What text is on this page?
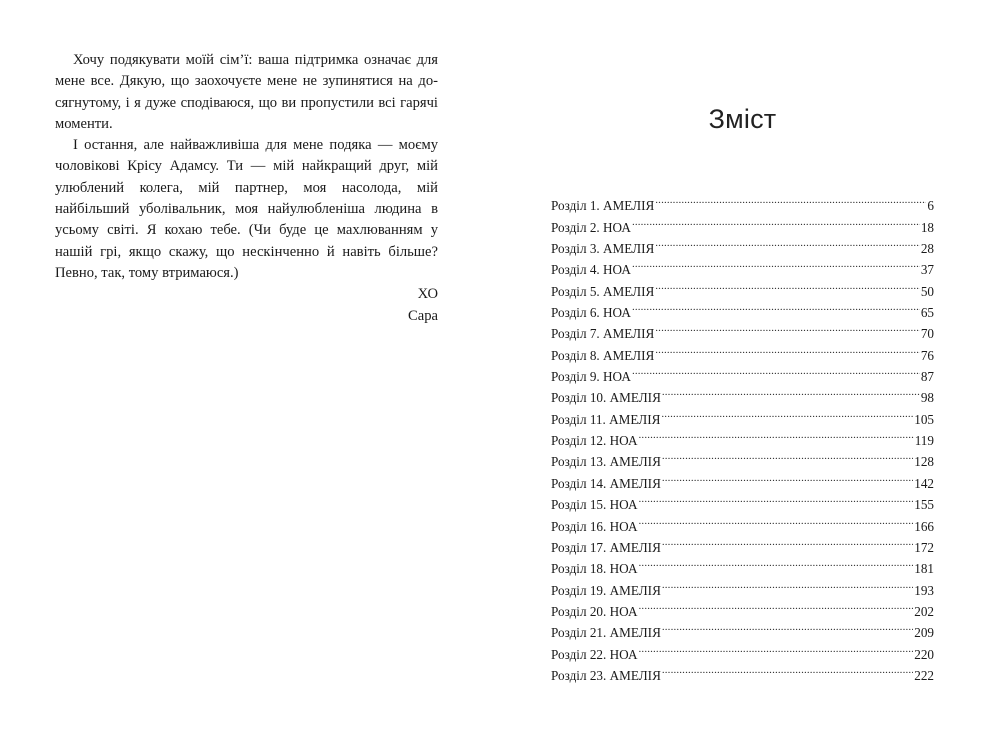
Хочу подякувати моїй сім’ї: ваша підтримка означає для мене все. Дякую, що заохочуєте мене не зупинятися на досягнутому, і я дуже сподіваюся, що ви пропустили всі гарячі моменти.

І остання, але найважливіша для мене подяка — моєму чоловікові Крісу Адамсу. Ти — мій найкращий друг, мій улюблений колега, мій партнер, моя насолода, мій найбільший уболівальник, моя найулюбленіша людина в усьому світі. Я кохаю тебе. (Чи буде це махлюванням у нашій грі, якщо скажу, що нескінченно й навіть більше? Певно, так, тому втримаюся.)

ХО

Сара

Зміст
Розділ 1. АМЕЛІЯ .....	6
Розділ 2. НОА .....	18
Розділ 3. АМЕЛІЯ .....	28
Розділ 4. НОА .....	37
Розділ 5. АМЕЛІЯ .....	50
Розділ 6. НОА .....	65
Розділ 7. АМЕЛІЯ .....	70
Розділ 8. АМЕЛІЯ .....	76
Розділ 9. НОА .....	87
Розділ 10. АМЕЛІЯ .....	98
Розділ 11. АМЕЛІЯ .....	105
Розділ 12. НОА .....	119
Розділ 13. АМЕЛІЯ .....	128
Розділ 14. АМЕЛІЯ .....	142
Розділ 15. НОА .....	155
Розділ 16. НОА .....	166
Розділ 17. АМЕЛІЯ .....	172
Розділ 18. НОА .....	181
Розділ 19. АМЕЛІЯ .....	193
Розділ 20. НОА .....	202
Розділ 21. АМЕЛІЯ .....	209
Розділ 22. НОА .....	220
Розділ 23. АМЕЛІЯ .....	222
